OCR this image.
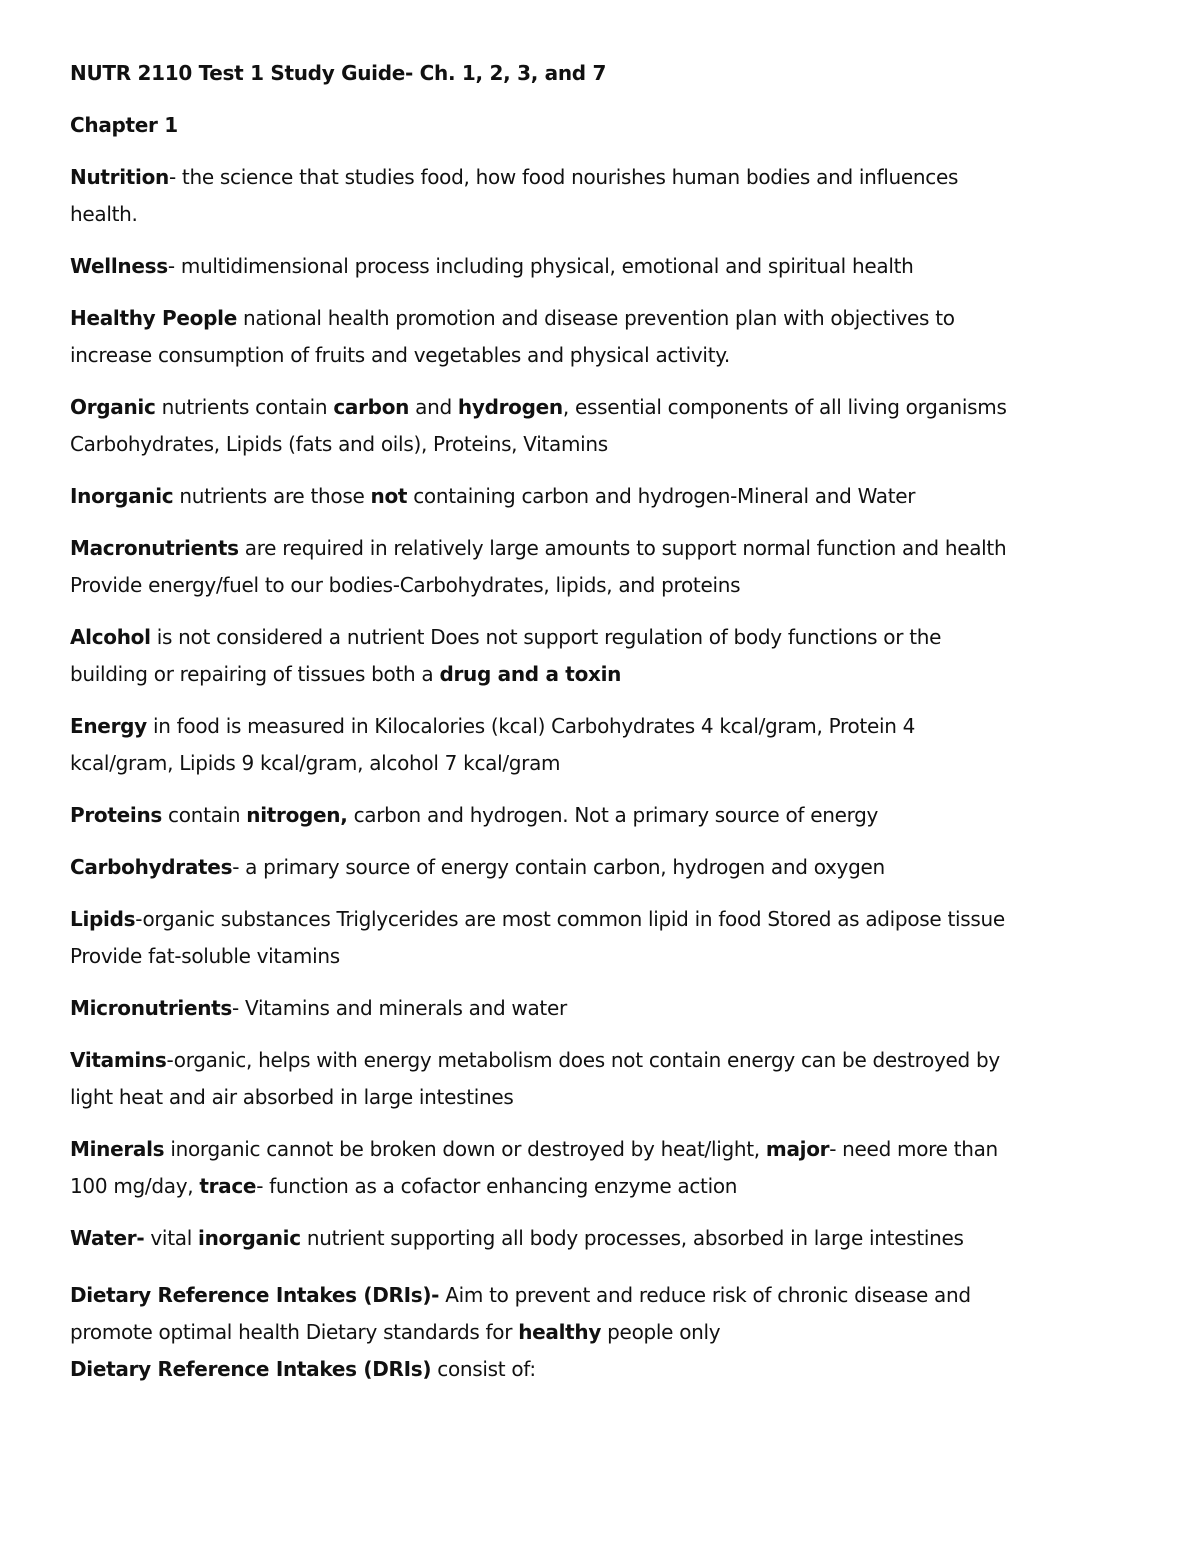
NUTR 2110 Test 1 Study Guide- Ch. 1, 2, 3, and 7
Chapter 1
Nutrition- the science that studies food, how food nourishes human bodies and influences
health.
Wellness- multidimensional process including physical, emotional and spiritual health
Healthy People national health promotion and disease prevention plan with objectives to
increase consumption of fruits and vegetables and physical activity.
Organic nutrients contain carbon and hydrogen, essential components of all living organisms
Carbohydrates, Lipids (fats and oils), Proteins, Vitamins
Inorganic nutrients are those not containing carbon and hydrogen-Mineral and Water
Macronutrients are required in relatively large amounts to support normal function and health
Provide energy/fuel to our bodies-Carbohydrates, lipids, and proteins
Alcohol is not considered a nutrient Does not support regulation of body functions or the
building or repairing of tissues both a drug and a toxin
Energy in food is measured in Kilocalories (kcal) Carbohydrates 4 kcal/gram, Protein 4
kcal/gram, Lipids 9 kcal/gram, alcohol 7 kcal/gram
Proteins contain nitrogen, carbon and hydrogen. Not a primary source of energy
Carbohydrates- a primary source of energy contain carbon, hydrogen and oxygen
Lipids-organic substances Triglycerides are most common lipid in food Stored as adipose tissue
Provide fat-soluble vitamins
Micronutrients- Vitamins and minerals and water
Vitamins-organic, helps with energy metabolism does not contain energy can be destroyed by
light heat and air absorbed in large intestines
Minerals inorganic cannot be broken down or destroyed by heat/light, major- need more than
100 mg/day, trace- function as a cofactor enhancing enzyme action
Water- vital inorganic nutrient supporting all body processes, absorbed in large intestines
Dietary Reference Intakes (DRIs)- Aim to prevent and reduce risk of chronic disease and
promote optimal health Dietary standards for healthy people only
Dietary Reference Intakes (DRIs) consist of:
